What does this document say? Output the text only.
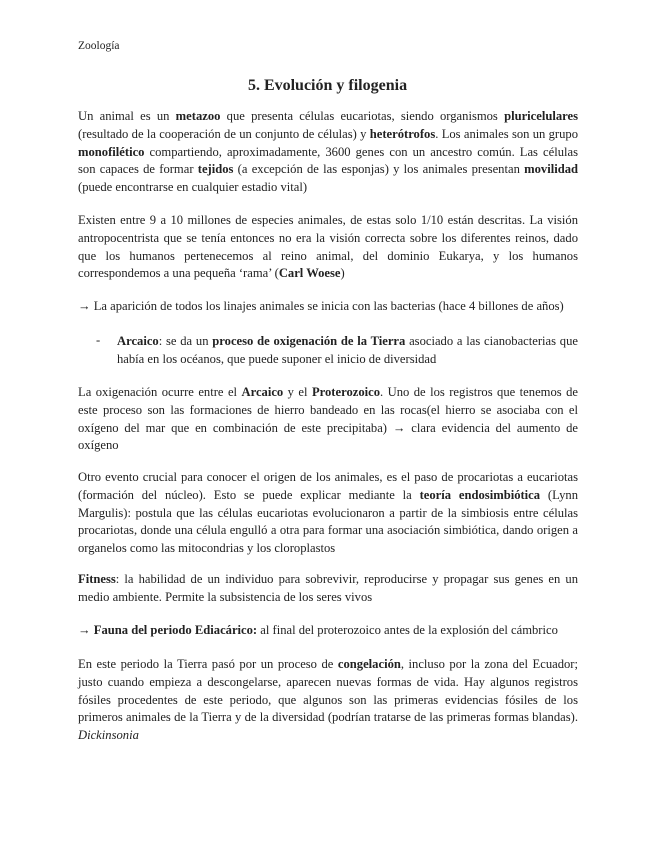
Zoología
5. Evolución y filogenia

Un animal es un metazoo que presenta células eucariotas, siendo organismos pluricelulares (resultado de la cooperación de un conjunto de células) y heterótrofos. Los animales son un grupo monofilético compartiendo, aproximadamente, 3600 genes con un ancestro común. Las células son capaces de formar tejidos (a excepción de las esponjas) y los animales presentan movilidad (puede encontrarse en cualquier estadio vital)

Existen entre 9 a 10 millones de especies animales, de estas solo 1/10 están descritas. La visión antropocentrista que se tenía entonces no era la visión correcta sobre los diferentes reinos, dado que los humanos pertenecemos al reino animal, del dominio Eukarya, y los humanos correspondemos a una pequeña ‘rama’ (Carl Woese)

→ La aparición de todos los linajes animales se inicia con las bacterias (hace 4 billones de años)

- Arcaico: se da un proceso de oxigenación de la Tierra asociado a las cianobacterias que había en los océanos, que puede suponer el inicio de diversidad

La oxigenación ocurre entre el Arcaico y el Proterozoico. Uno de los registros que tenemos de este proceso son las formaciones de hierro bandeado en las rocas(el hierro se asociaba con el oxígeno del mar que en combinación de este precipitaba) → clara evidencia del aumento de oxígeno

Otro evento crucial para conocer el origen de los animales, es el paso de procariotas a eucariotas (formación del núcleo). Esto se puede explicar mediante la teoría endosimbiótica (Lynn Margulis): postula que las células eucariotas evolucionaron a partir de la simbiosis entre células procariotas, donde una célula engulló a otra para formar una asociación simbiótica, dando origen a organelos como las mitocondrias y los cloroplastos

Fitness: la habilidad de un individuo para sobrevivir, reproducirse y propagar sus genes en un medio ambiente. Permite la subsistencia de los seres vivos

→ Fauna del periodo Ediacárico: al final del proterozoico antes de la explosión del cámbrico

En este periodo la Tierra pasó por un proceso de congelación, incluso por la zona del Ecuador; justo cuando empieza a descongelarse, aparecen nuevas formas de vida. Hay algunos registros fósiles procedentes de este periodo, que algunos son las primeras evidencias fósiles de los primeros animales de la Tierra y de la diversidad (podrían tratarse de las primeras formas blandas). Dickinsonia
